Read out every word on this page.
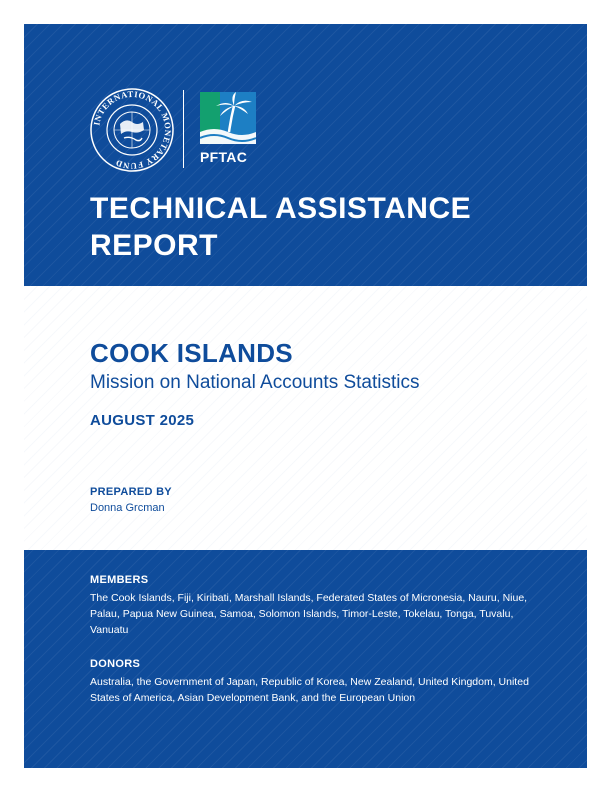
INTERNATIONAL MONETARY FUND	PFTAC
TECHNICAL ASSISTANCE
REPORT
COOK ISLANDS
Mission on National Accounts Statistics
AUGUST 2025
PREPARED BY
Donna Grcman
MEMBERS

The Cook Islands, Fiji, Kiribati, Marshall Islands, Federated States of Micronesia, Nauru, Niue, Palau, Papua New Guinea, Samoa, Solomon Islands, Timor-Leste, Tokelau, Tonga, Tuvalu, Vanuatu

DONORS

Australia, the Government of Japan, Republic of Korea, New Zealand, United Kingdom, United States of America, Asian Development Bank, and the European Union
